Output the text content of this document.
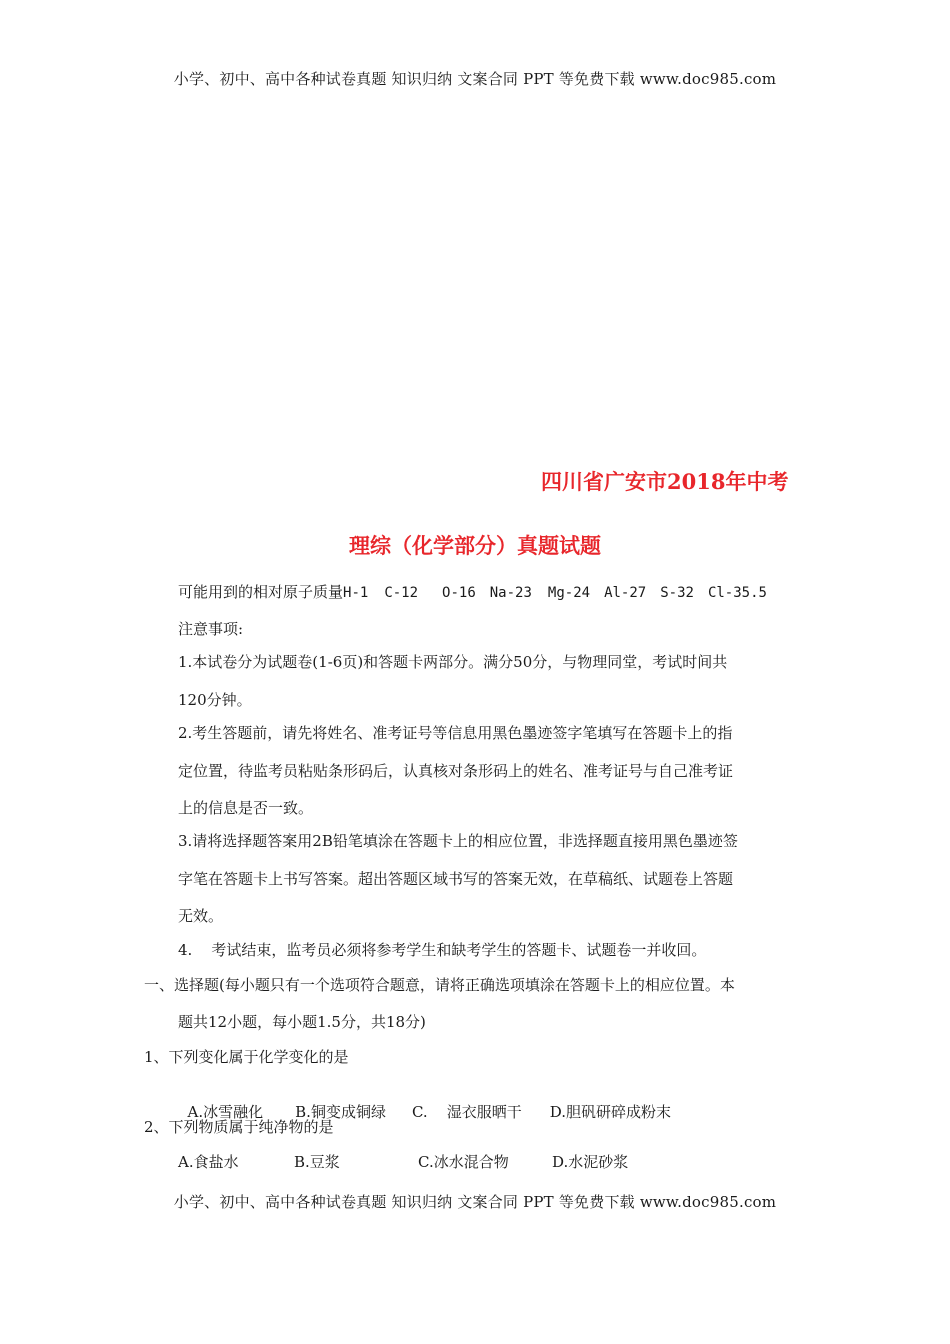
小学、初中、高中各种试卷真题 知识归纳 文案合同 PPT 等免费下载 www.doc985.com
四川省广安市2018年中考
理综（化学部分）真题试题
可能用到的相对原子质量H-1 C-12 O-16 Na-23 Mg-24 Al-27 S-32 Cl-35.5
注意事项:
1.本试卷分为试题卷(1-6页)和答题卡两部分。满分50分，与物理同堂，考试时间共
120分钟。
2.考生答题前，请先将姓名、准考证号等信息用黑色墨迹签字笔填写在答题卡上的指
定位置，待监考员粘贴条形码后，认真核对条形码上的姓名、准考证号与自己准考证
上的信息是否一致。
3.请将选择题答案用2B铅笔填涂在答题卡上的相应位置，非选择题直接用黑色墨迹签
字笔在答题卡上书写答案。超出答题区域书写的答案无效，在草稿纸、试题卷上答题
无效。
4.    考试结束，监考员必须将参考学生和缺考学生的答题卡、试题卷一并收回。
一、选择题(每小题只有一个选项符合题意，请将正确选项填涂在答题卡上的相应位置。本
题共12小题，每小题1.5分，共18分)
1、下列变化属于化学变化的是

A.冰雪融化 B.铜变成铜绿 C.    湿衣服晒干 D.胆矾研碎成粉末

2、下列物质属于纯净物的是
A.食盐水	B.豆浆	C.冰水混合物	D.水泥砂浆
小学、初中、高中各种试卷真题 知识归纳 文案合同 PPT 等免费下载 www.doc985.com
